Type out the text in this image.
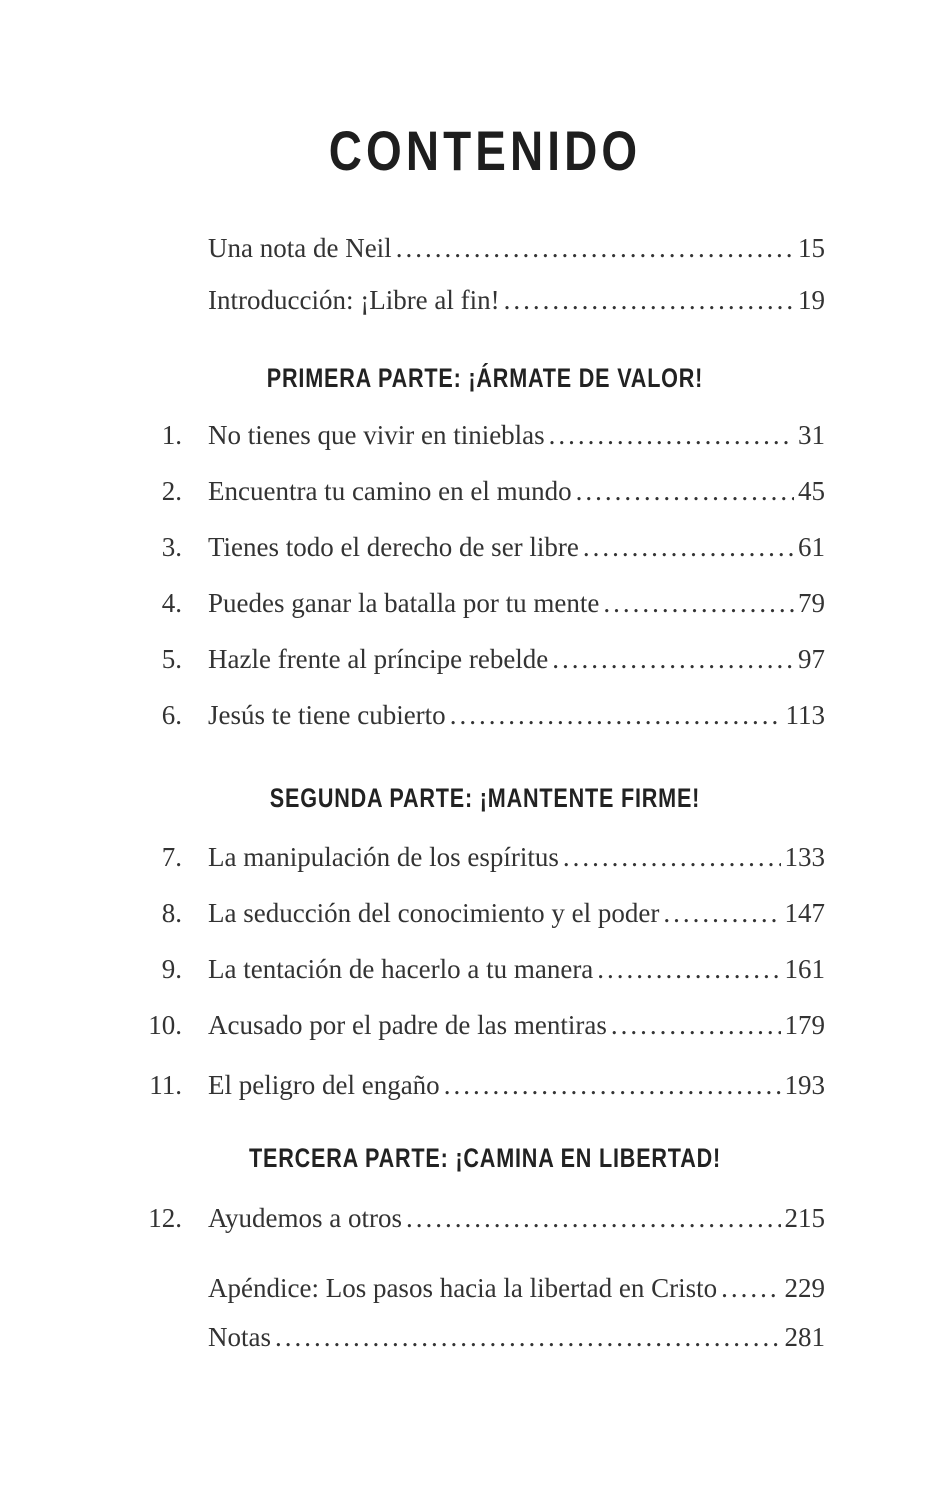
CONTENIDO
Una nota de Neil .....	15
Introducción: ¡Libre al fin! .....	19
PRIMERA PARTE: ¡ÁRMATE DE VALOR!
1. No tienes que vivir en tinieblas .....	31
2. Encuentra tu camino en el mundo .....	45
3. Tienes todo el derecho de ser libre .....	61
4. Puedes ganar la batalla por tu mente .....	79
5. Hazle frente al príncipe rebelde .....	97
6. Jesús te tiene cubierto .....	113
SEGUNDA PARTE: ¡MANTENTE FIRME!
7. La manipulación de los espíritus .....	133
8. La seducción del conocimiento y el poder .....	147
9. La tentación de hacerlo a tu manera .....	161
10. Acusado por el padre de las mentiras .....	179
11. El peligro del engaño .....	193
TERCERA PARTE: ¡CAMINA EN LIBERTAD!
12. Ayudemos a otros .....	215
Apéndice: Los pasos hacia la libertad en Cristo ..... 229
Notas .....	281
